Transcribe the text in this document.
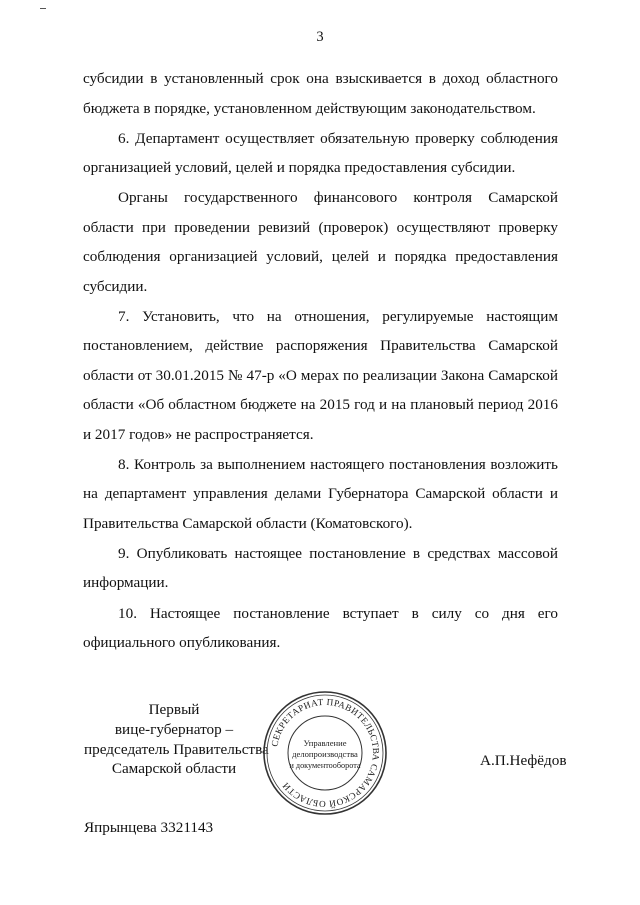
3

субсидии в установленный срок она взыскивается в доход областного бюджета в порядке, установленном действующим законодательством.

6. Департамент осуществляет обязательную проверку соблюдения организацией условий, целей и порядка предоставления субсидии.

Органы государственного финансового контроля Самарской области при проведении ревизий (проверок) осуществляют проверку соблюдения организацией условий, целей и порядка предоставления субсидии.

7. Установить, что на отношения, регулируемые настоящим постановлением, действие распоряжения Правительства Самарской области от 30.01.2015 № 47-р «О мерах по реализации Закона Самарской области «Об областном бюджете на 2015 год и на плановый период 2016 и 2017 годов» не распространяется.

8. Контроль за выполнением настоящего постановления возложить на департамент управления делами Губернатора Самарской области и Правительства Самарской области (Коматовского).

9. Опубликовать настоящее постановление в средствах массовой информации.

10. Настоящее постановление вступает в силу со дня его официального опубликования.

Первый
вице-губернатор –
председатель Правительства
Самарской области
СЕКРЕТАРИАТ ПРАВИТЕЛЬСТВА САМАРСКОЙ ОБЛАСТИ
Управление
делопроизводства
и документооборота	А.П.Нефёдов
Япрынцева 3321143
